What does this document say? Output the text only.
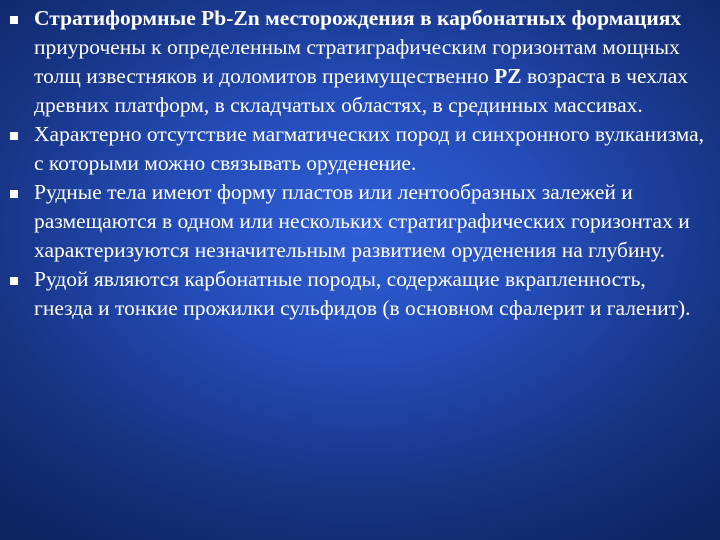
Стратиформные Pb-Zn месторождения в карбонатных формациях приурочены к определенным стратиграфическим горизонтам мощных толщ известняков и доломитов преимущественно PZ возраста в чехлах древних платформ, в складчатых областях, в срединных массивах.
Характерно отсутствие магматических пород и синхронного вулканизма, с которыми можно связывать оруденение.
Рудные тела имеют форму пластов или лентообразных залежей и размещаются в одном или нескольких стратиграфических горизонтах и характеризуются незначительным развитием оруденения на глубину.
Рудой являются карбонатные породы, содержащие вкрапленность, гнезда и тонкие прожилки сульфидов (в основном сфалерит и галенит).
